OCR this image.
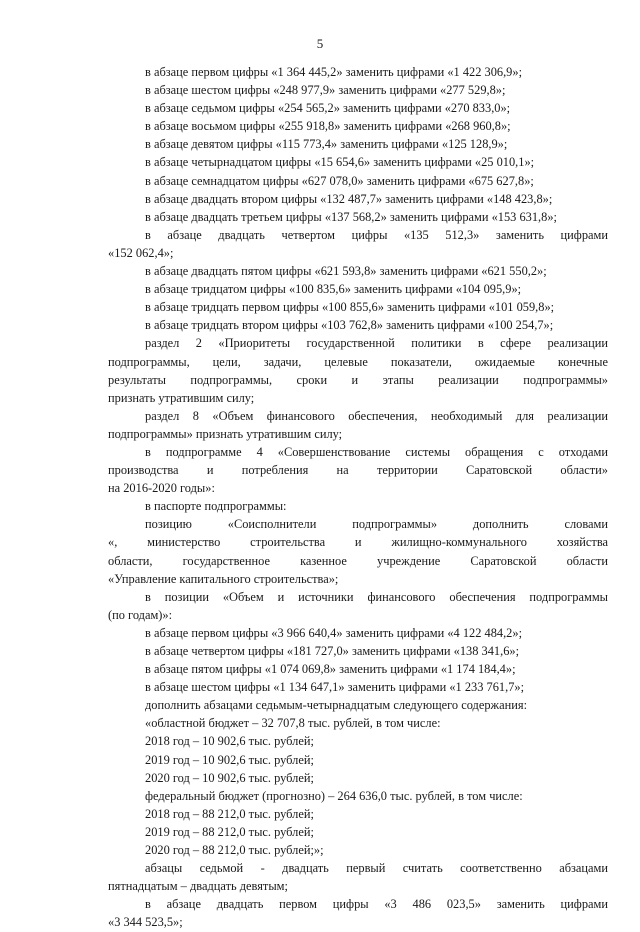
5
в абзаце первом цифры «1 364 445,2» заменить цифрами «1 422 306,9»;
в абзаце шестом цифры «248 977,9» заменить цифрами «277 529,8»;
в абзаце седьмом цифры «254 565,2» заменить цифрами «270 833,0»;
в абзаце восьмом цифры «255 918,8» заменить цифрами «268 960,8»;
в абзаце девятом цифры «115 773,4» заменить цифрами «125 128,9»;
в абзаце четырнадцатом цифры «15 654,6» заменить цифрами «25 010,1»;
в абзаце семнадцатом цифры «627 078,0» заменить цифрами «675 627,8»;
в абзаце двадцать втором цифры «132 487,7» заменить цифрами «148 423,8»;
в абзаце двадцать третьем цифры «137 568,2» заменить цифрами «153 631,8»;
в абзаце двадцать четвертом цифры «135 512,3» заменить цифрами
«152 062,4»;
в абзаце двадцать пятом цифры «621 593,8» заменить цифрами «621 550,2»;
в абзаце тридцатом цифры «100 835,6» заменить цифрами «104 095,9»;
в абзаце тридцать первом цифры «100 855,6» заменить цифрами «101 059,8»;
в абзаце тридцать втором цифры «103 762,8» заменить цифрами «100 254,7»;
раздел 2 «Приоритеты государственной политики в сфере реализации
подпрограммы, цели, задачи, целевые показатели, ожидаемые конечные
результаты подпрограммы, сроки и этапы реализации подпрограммы»
признать утратившим силу;
раздел 8 «Объем финансового обеспечения, необходимый для реализации
подпрограммы» признать утратившим силу;
в подпрограмме 4 «Совершенствование системы обращения с отходами
производства и потребления на территории Саратовской области»
на 2016-2020 годы»:
в паспорте подпрограммы:
позицию «Соисполнители подпрограммы» дополнить словами
«, министерство строительства и жилищно-коммунального хозяйства
области, государственное казенное учреждение Саратовской области
«Управление капитального строительства»;
в позиции «Объем и источники финансового обеспечения подпрограммы
(по годам)»:
в абзаце первом цифры «3 966 640,4» заменить цифрами «4 122 484,2»;
в абзаце четвертом цифры «181 727,0» заменить цифрами «138 341,6»;
в абзаце пятом цифры «1 074 069,8» заменить цифрами «1 174 184,4»;
в абзаце шестом цифры «1 134 647,1» заменить цифрами «1 233 761,7»;
дополнить абзацами седьмым-четырнадцатым следующего содержания:
«областной бюджет – 32 707,8 тыс. рублей, в том числе:
2018 год – 10 902,6 тыс. рублей;
2019 год – 10 902,6 тыс. рублей;
2020 год – 10 902,6 тыс. рублей;
федеральный бюджет (прогнозно) – 264 636,0 тыс. рублей, в том числе:
2018 год – 88 212,0 тыс. рублей;
2019 год – 88 212,0 тыс. рублей;
2020 год – 88 212,0 тыс. рублей;»;
абзацы седьмой - двадцать первый считать соответственно абзацами
пятнадцатым – двадцать девятым;
в абзаце двадцать первом цифры «3 486 023,5» заменить цифрами
«3 344 523,5»;
